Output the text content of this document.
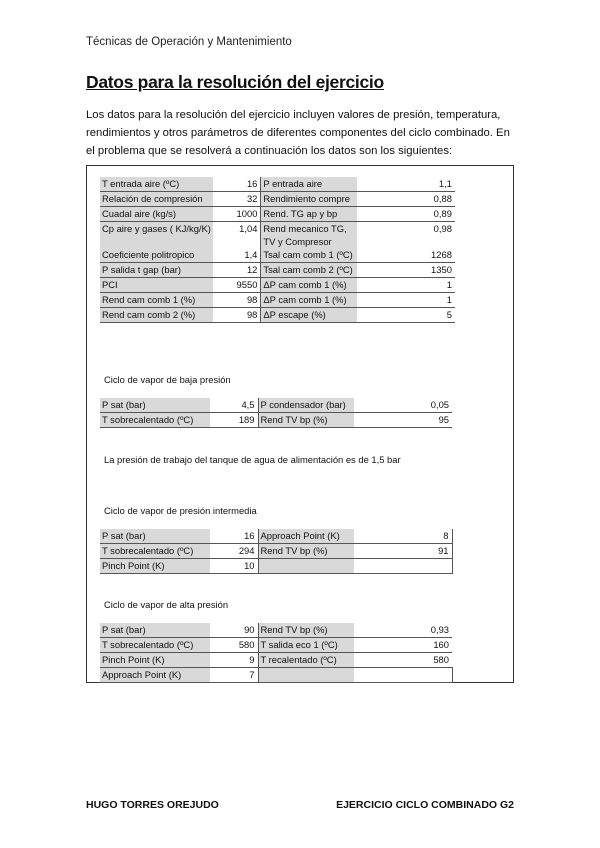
Técnicas de Operación y Mantenimiento
Datos para la resolución del ejercicio
Los datos para la resolución del ejercicio incluyen valores de presión, temperatura, rendimientos y otros parámetros de diferentes componentes del ciclo combinado. En el problema que se resolverá a continuación los datos son los siguientes:
T entrada aire (ºC)	16	P entrada aire	1,1
Relación de compresión	32	Rendimiento compre	0,88
Cuadal aire (kg/s)	1000	Rend. TG ap y bp	0,89
Cp aire y gases ( KJ/kg/K)	1,04	Rend mecanico TG, TV y Compresor	0,98
Coeficiente politropico	1,4	Tsal cam comb 1 (ºC)	1268
P salida t gap (bar)	12	Tsal cam comb 2 (ºC)	1350
PCI	9550	ΔP cam comb 1 (%)	1
Rend cam comb 1 (%)	98	ΔP cam comb 1 (%)	1
Rend cam comb 2 (%)	98	ΔP escape (%)	5
Ciclo de vapor de baja presión
P sat (bar)	4,5	P condensador (bar)	0,05
T sobrecalentado (ºC)	189	Rend TV bp (%)	95
La presión de trabajo del tanque de agua de alimentación es de 1,5 bar
Ciclo de vapor de presión intermedia
P sat (bar)	16	Approach Point (K)	8
T sobrecalentado (ºC)	294	Rend TV bp (%)	91
Pinch Point (K)	10		
Ciclo de vapor de alta presión
P sat (bar)	90	Rend TV bp (%)	0,93
T sobrecalentado (ºC)	580	T salida eco 1 (ºC)	160
Pinch Point (K)	9	T recalentado (ºC)	580
Approach Point (K)	7		
HUGO TORRES OREJUDO	EJERCICIO CICLO COMBINADO G2
